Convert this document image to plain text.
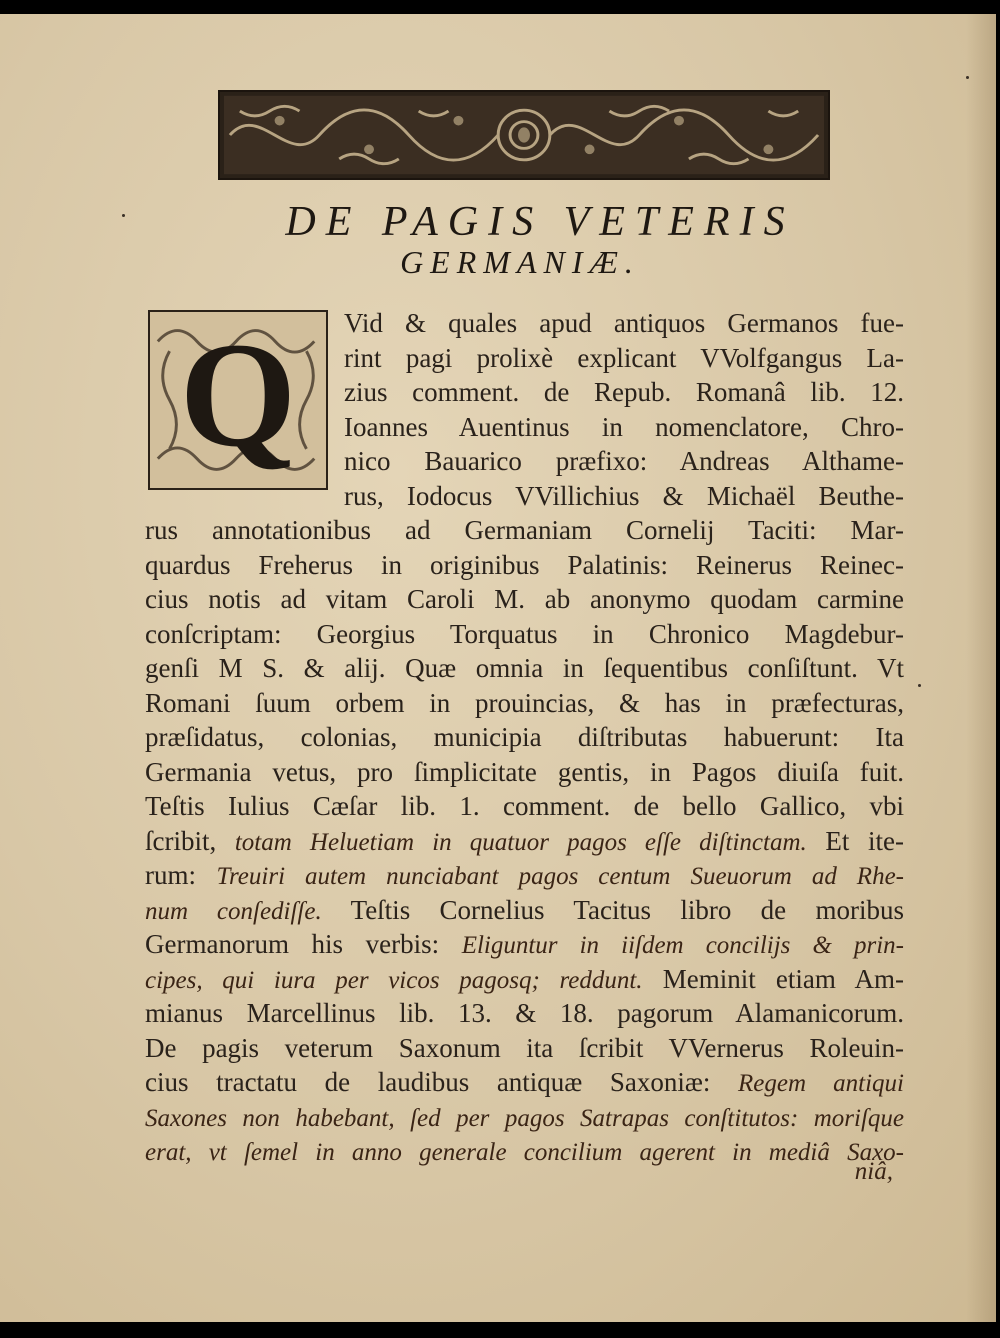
DE PAGIS VETERIS
GERMANIÆ.
Q	Vid & quales apud antiquos Germanos fue-
rint pagi prolixè explicant VVolfgangus La-
zius comment. de Repub. Romanâ lib. 12.
Ioannes Auentinus in nomenclatore, Chro-
nico Bauarico præfixo: Andreas Althame-
rus, Iodocus VVillichius & Michaël Beuthe-
rus annotationibus ad Germaniam Cornelij Taciti: Mar-
quardus Freherus in originibus Palatinis: Reinerus Reinec-
cius notis ad vitam Caroli M. ab anonymo quodam carmine
conſcriptam: Georgius Torquatus in Chronico Magdebur-
genſi M S. & alij. Quæ omnia in ſequentibus conſiſtunt. Vt
Romani ſuum orbem in prouincias, & has in præfecturas,
præſidatus, colonias, municipia diſtributas habuerunt: Ita
Germania vetus, pro ſimplicitate gentis, in Pagos diuiſa fuit.
Teſtis Iulius Cæſar lib. 1. comment. de bello Gallico, vbi
ſcribit, totam Heluetiam in quatuor pagos eſſe diſtinctam. Et ite-
rum: Treuiri autem nunciabant pagos centum Sueuorum ad Rhe-
num conſediſſe. Teſtis Cornelius Tacitus libro de moribus
Germanorum his verbis: Eliguntur in iiſdem concilijs & prin-
cipes, qui iura per vicos pagosq; reddunt. Meminit etiam Am-
mianus Marcellinus lib. 13. & 18. pagorum Alamanicorum.
De pagis veterum Saxonum ita ſcribit VVernerus Roleuin-
cius tractatu de laudibus antiquæ Saxoniæ: Regem antiqui
Saxones non habebant, ſed per pagos Satrapas conſtitutos: moriſque
erat, vt ſemel in anno generale concilium agerent in mediâ Saxo-
niâ,
